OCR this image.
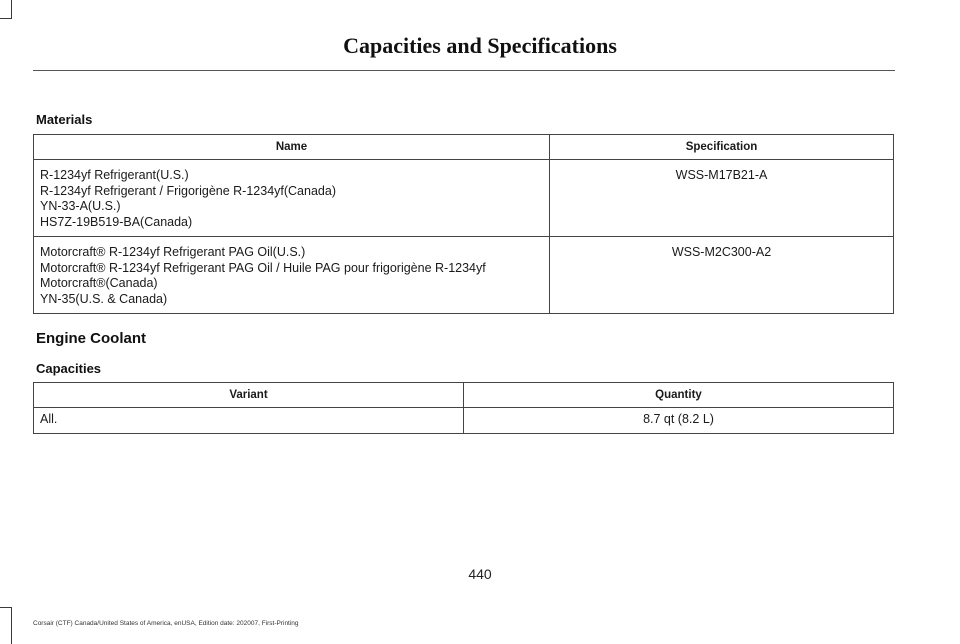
Capacities and Specifications
Materials
Name	Specification

R-1234yf Refrigerant(U.S.)
R-1234yf Refrigerant / Frigorigène R-1234yf(Canada)
YN-33-A(U.S.)
HS7Z-19B519-BA(Canada)	WSS-M17B21-A

Motorcraft® R-1234yf Refrigerant PAG Oil(U.S.)
Motorcraft® R-1234yf Refrigerant PAG Oil / Huile PAG pour frigorigène R-1234yf
Motorcraft®(Canada)
YN-35(U.S. & Canada)	WSS-M2C300-A2
Engine Coolant
Capacities
Variant	Quantity
All.	8.7 qt (8.2 L)
440
Corsair (CTF) Canada/United States of America, enUSA, Edition date: 202007, First-Printing
